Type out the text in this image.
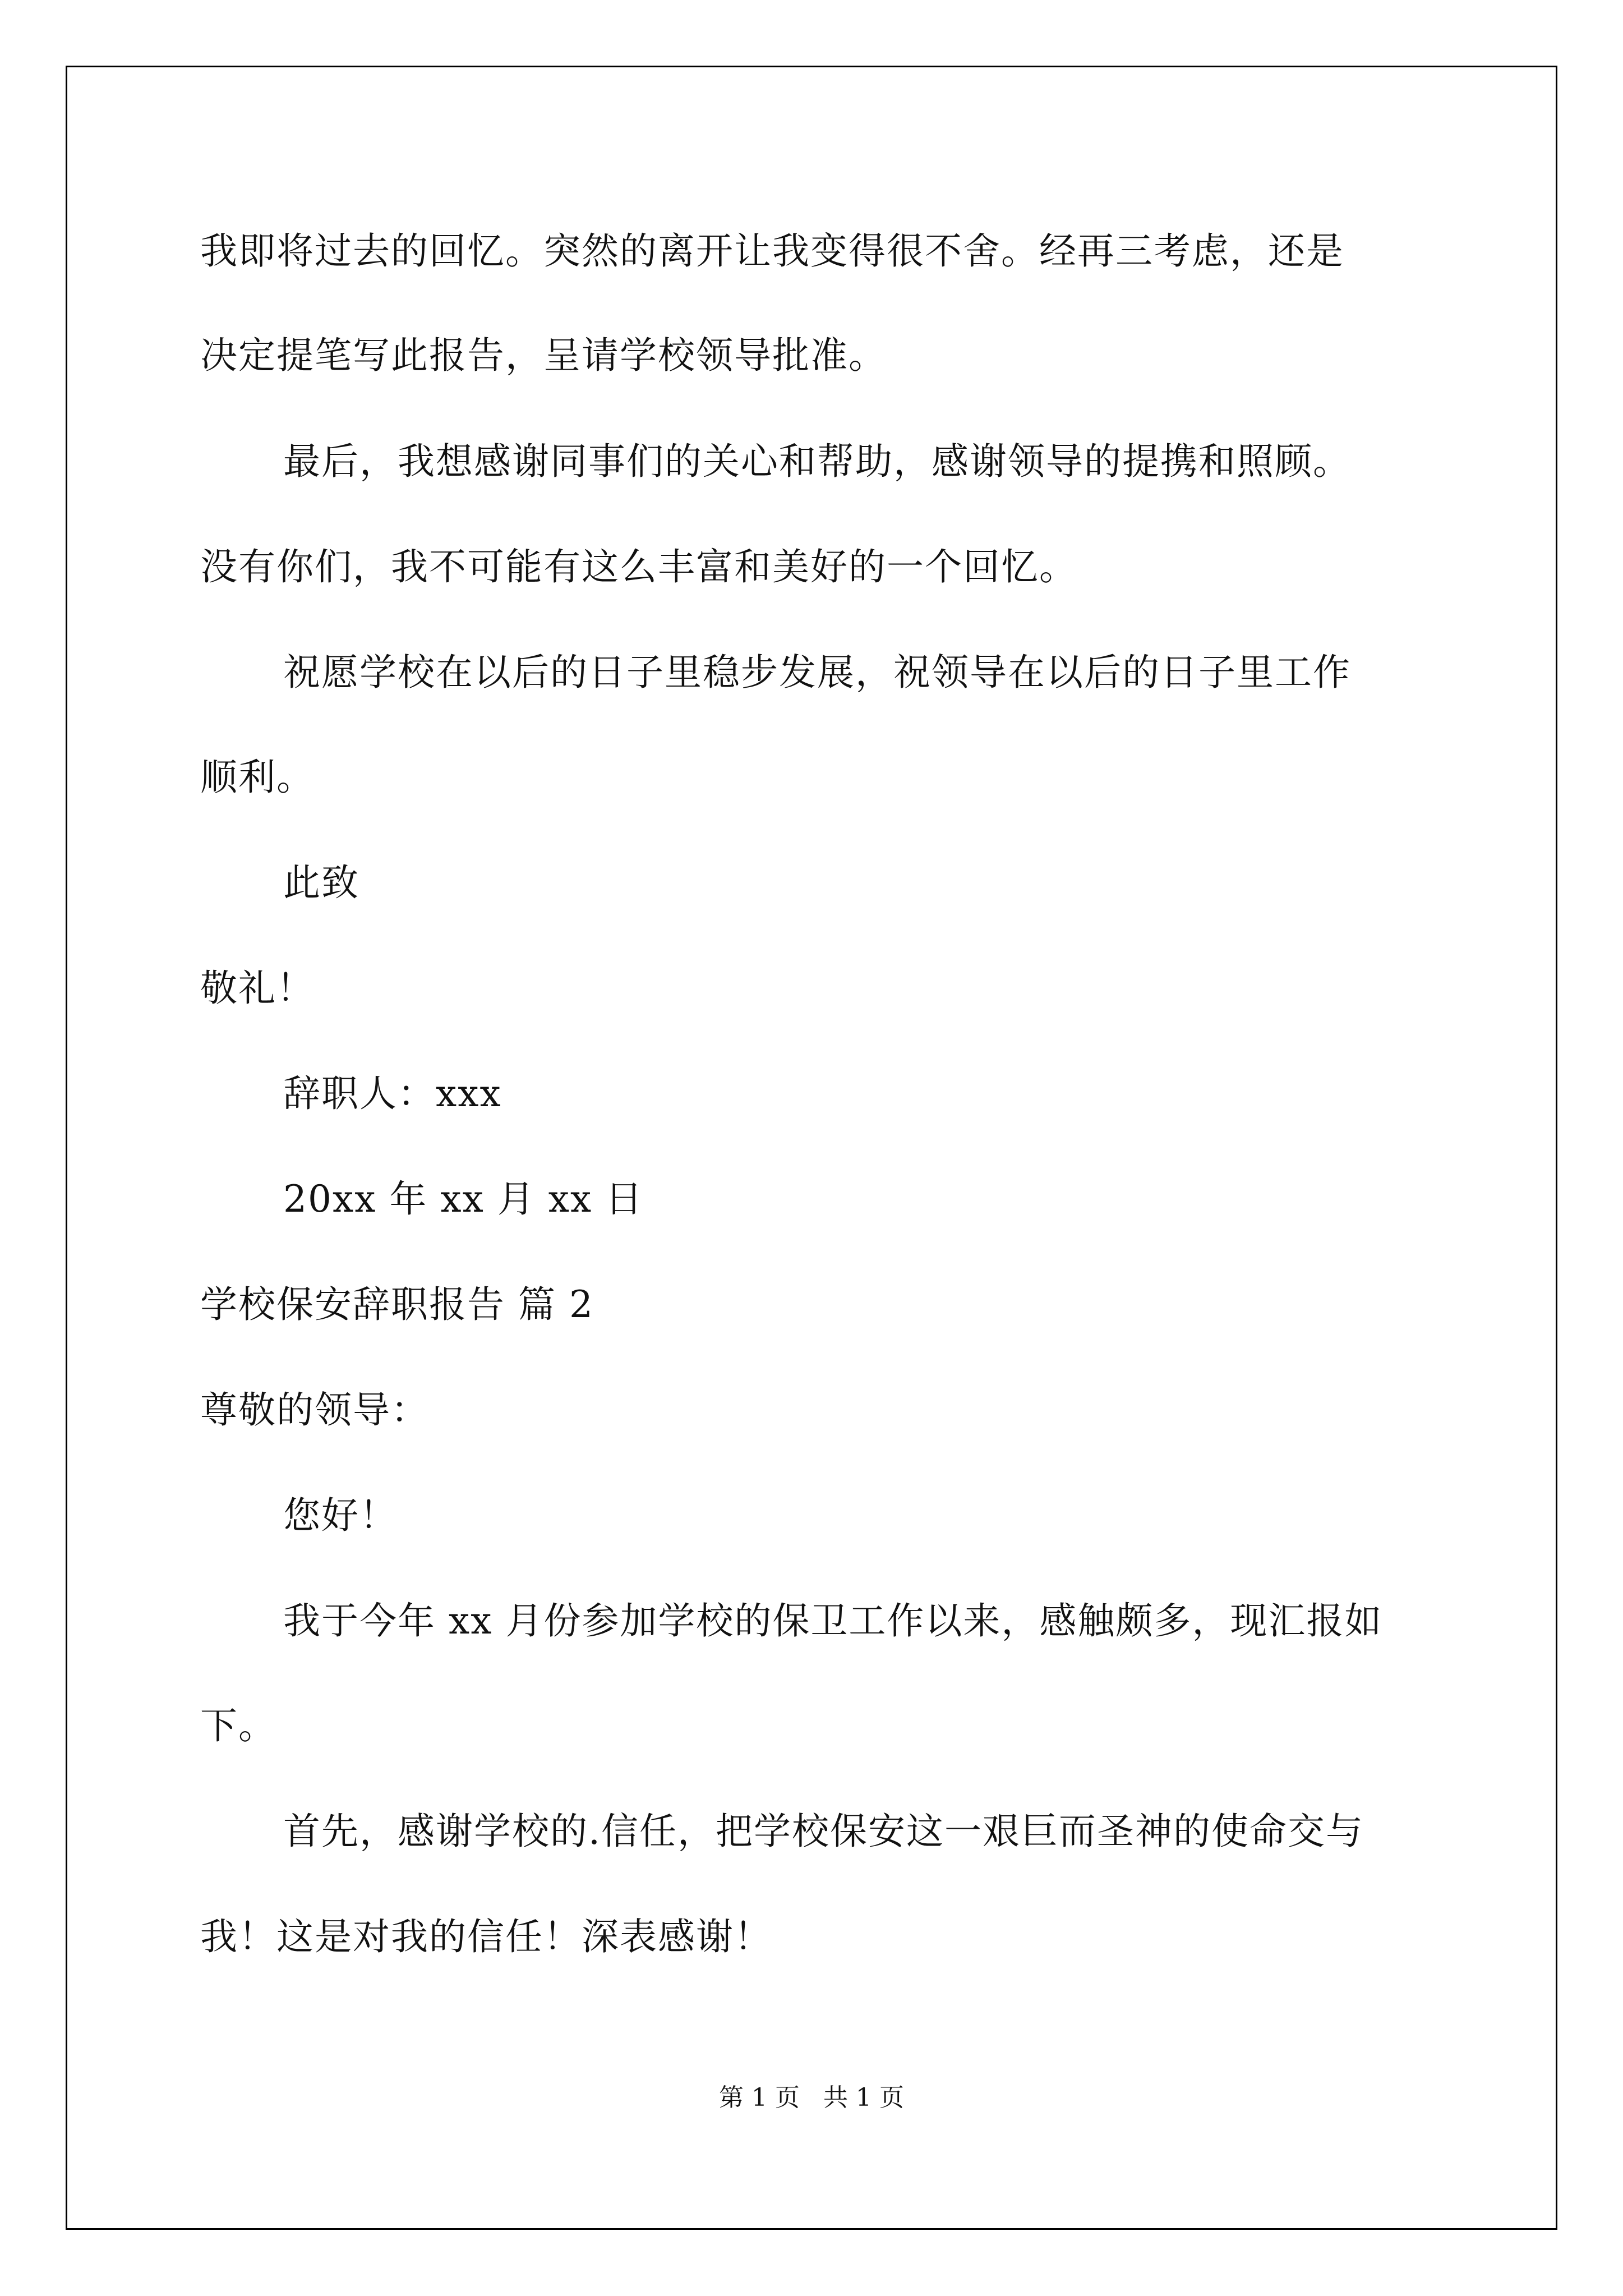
我即将过去的回忆。突然的离开让我变得很不舍。经再三考虑，还是
决定提笔写此报告，呈请学校领导批准。
最后，我想感谢同事们的关心和帮助，感谢领导的提携和照顾。
没有你们，我不可能有这么丰富和美好的一个回忆。
祝愿学校在以后的日子里稳步发展，祝领导在以后的日子里工作
顺利。
此致
敬礼！
辞职人：xxx
20xx 年 xx 月 xx 日
学校保安辞职报告 篇 2
尊敬的领导：
您好！
我于今年 xx 月份参加学校的保卫工作以来，感触颇多，现汇报如
下。
首先，感谢学校的.信任，把学校保安这一艰巨而圣神的使命交与
我！这是对我的信任！深表感谢！
第 1 页   共 1 页
